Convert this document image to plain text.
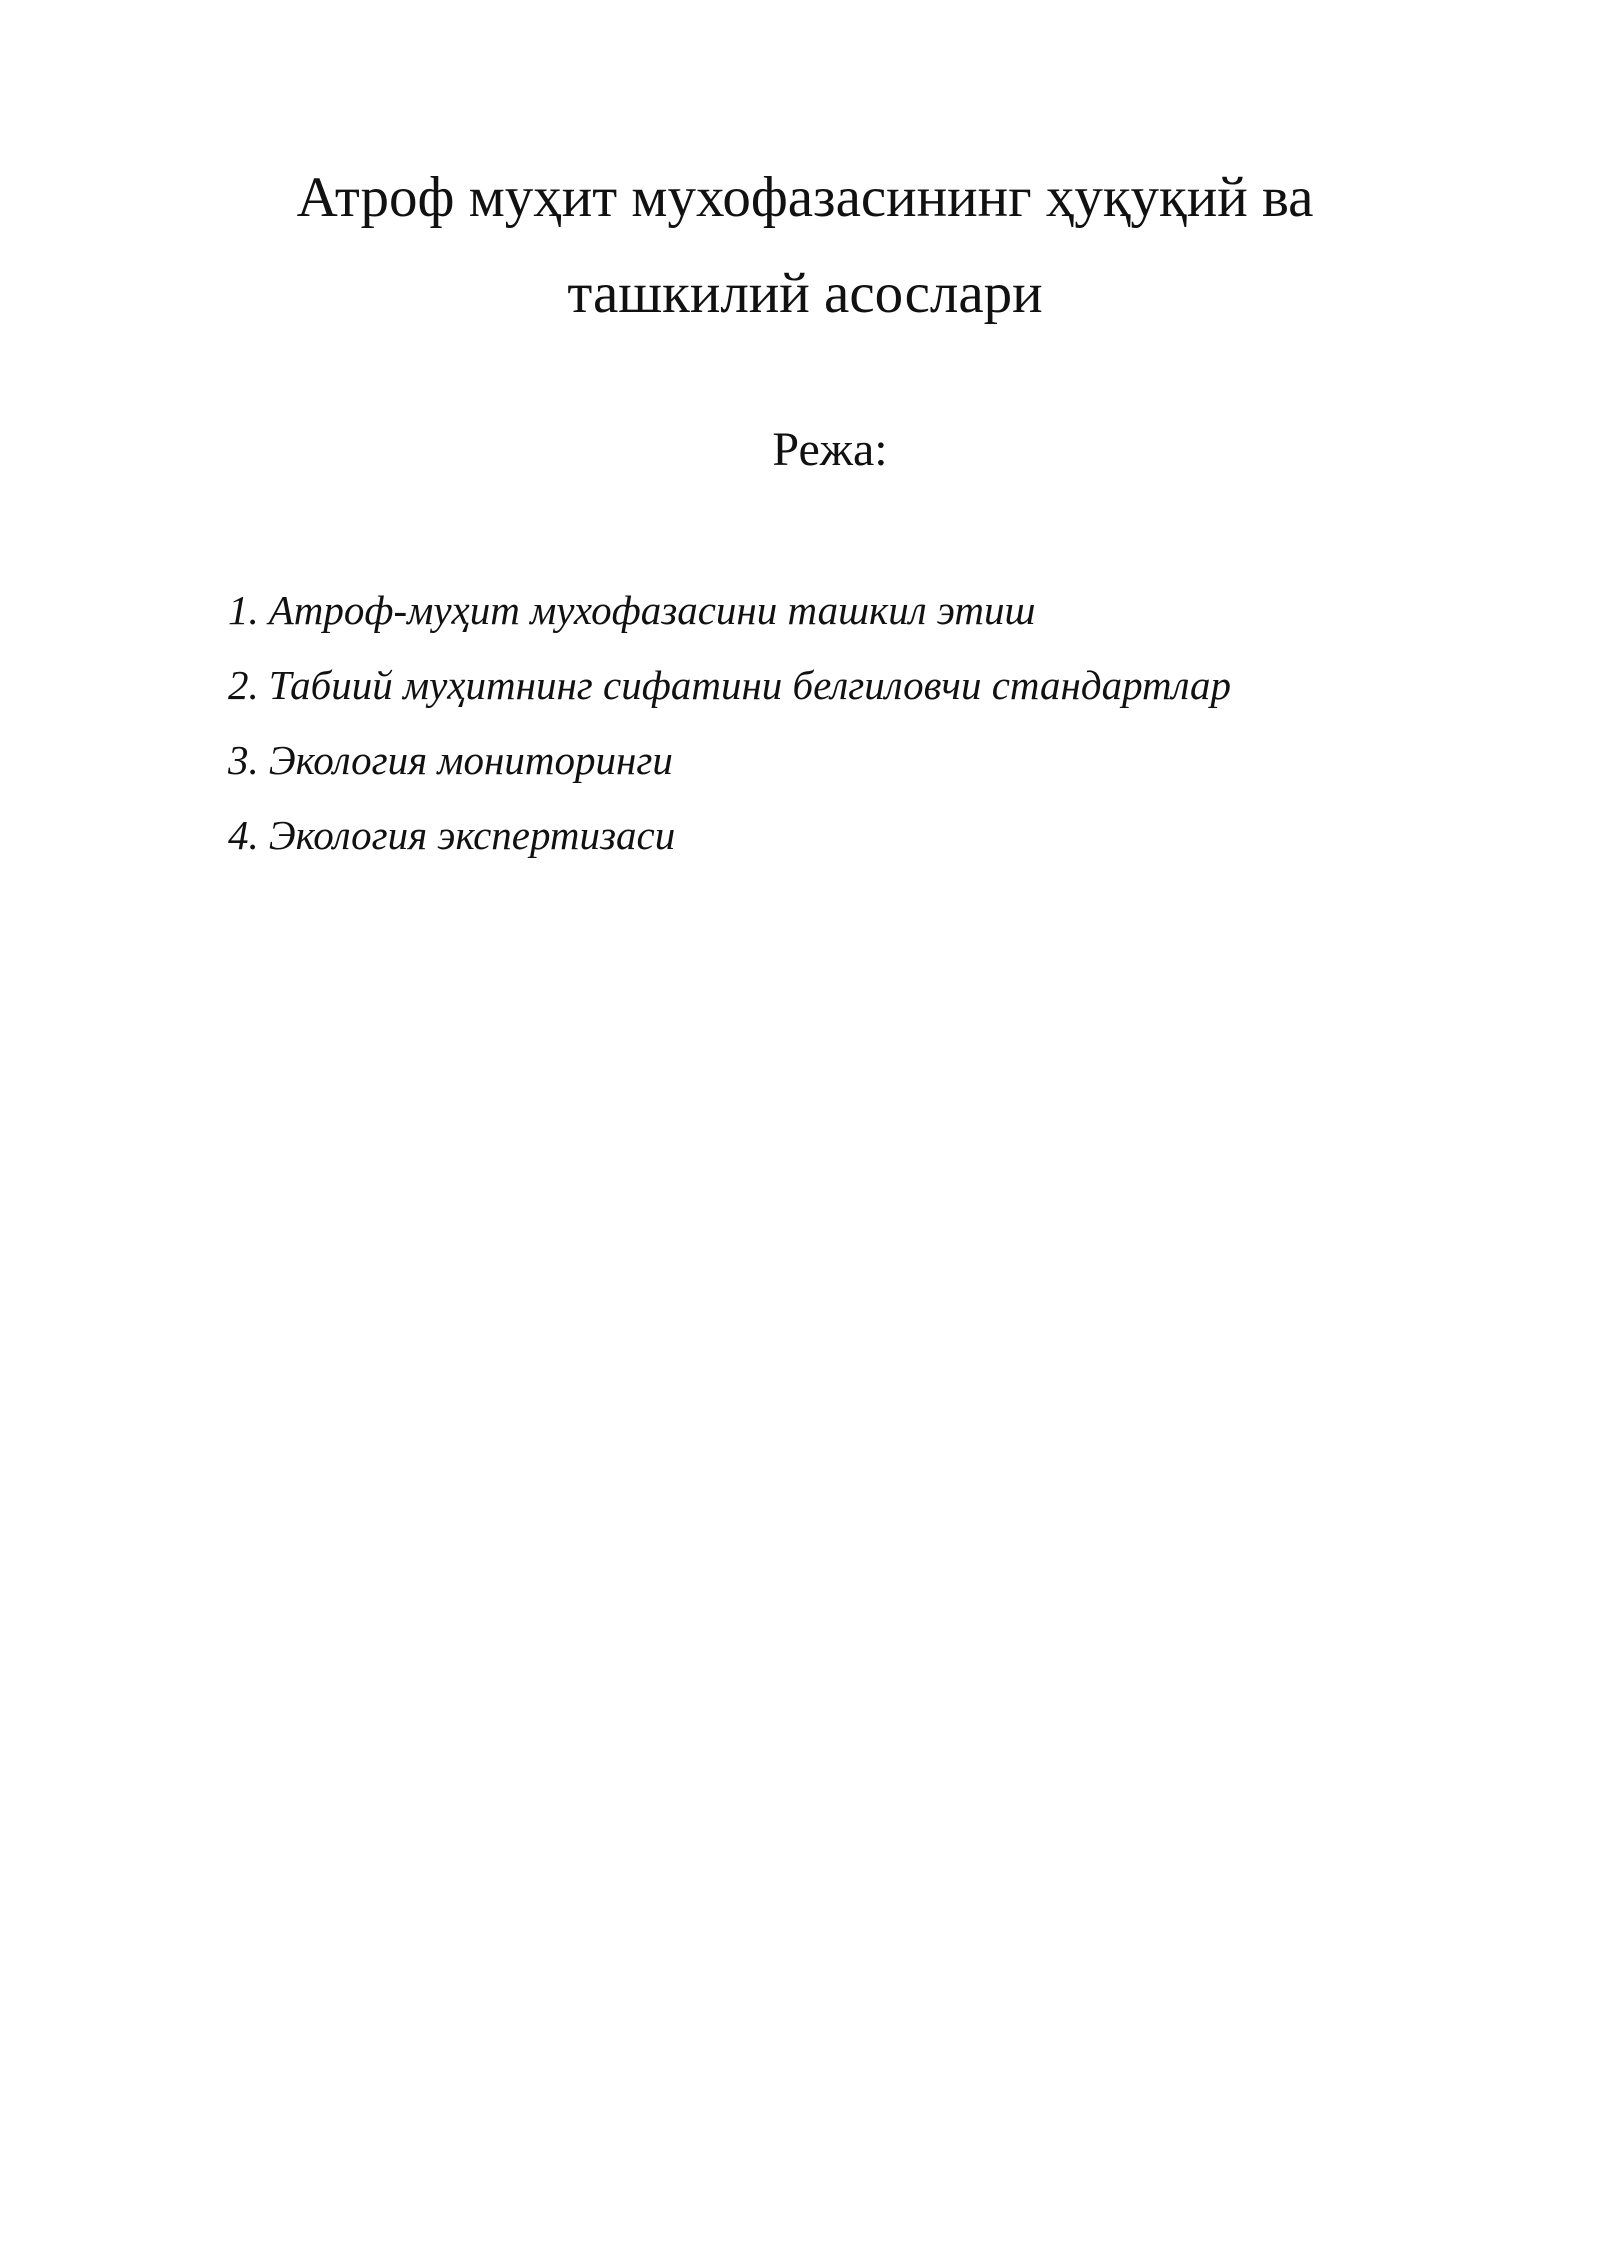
Атроф муҳит мухофазасининг ҳуқуқий ва
ташкилий асослари
Режа:
1. Атроф-муҳит мухофазасини ташкил этиш
2. Табиий муҳитнинг сифатини белгиловчи стандартлар
3. Экология мониторинги
4. Экология экспертизаси
